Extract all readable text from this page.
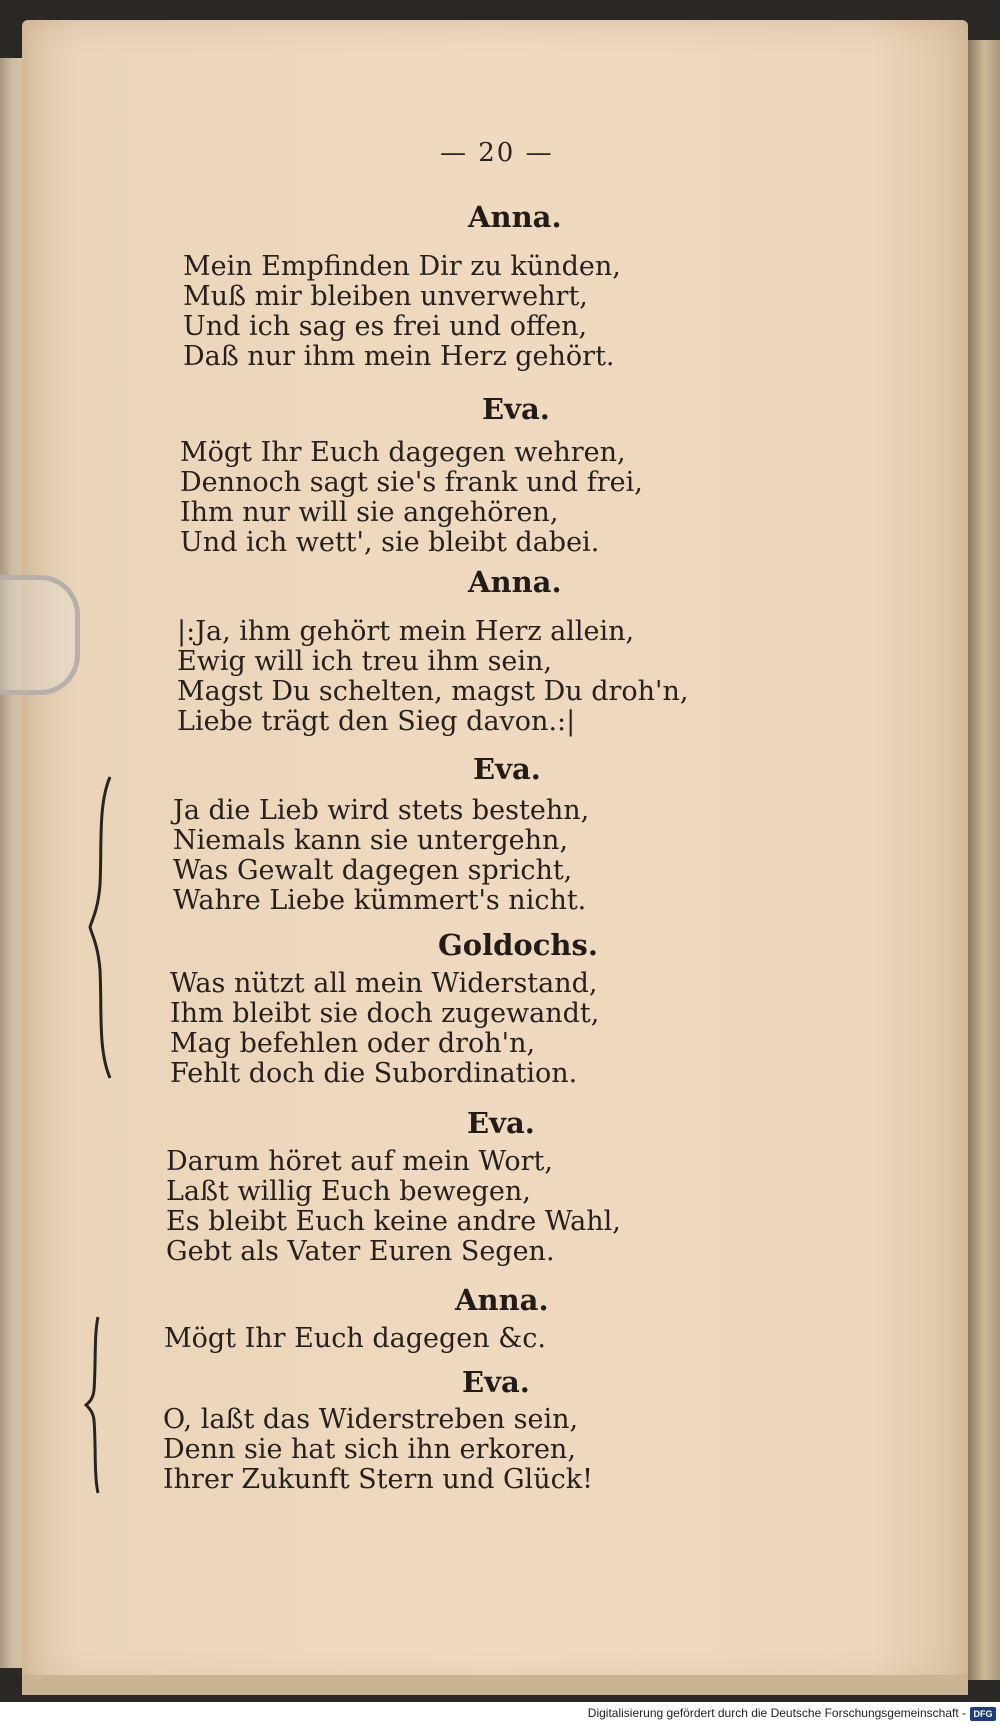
— 20 —
Anna.
Mein Empfinden Dir zu künden,
Muß mir bleiben unverwehrt,
Und ich sag es frei und offen,
Daß nur ihm mein Herz gehört.
Eva.
Mögt Ihr Euch dagegen wehren,
Dennoch sagt sie's frank und frei,
Ihm nur will sie angehören,
Und ich wett', sie bleibt dabei.
Anna.
|:Ja, ihm gehört mein Herz allein,
Ewig will ich treu ihm sein,
Magst Du schelten, magst Du droh'n,
Liebe trägt den Sieg davon.:|
Eva.
Ja die Lieb wird stets bestehn,
Niemals kann sie untergehn,
Was Gewalt dagegen spricht,
Wahre Liebe kümmert's nicht.
Goldochs.
Was nützt all mein Widerstand,
Ihm bleibt sie doch zugewandt,
Mag befehlen oder droh'n,
Fehlt doch die Subordination.
Eva.
Darum höret auf mein Wort,
Laßt willig Euch bewegen,
Es bleibt Euch keine andre Wahl,
Gebt als Vater Euren Segen.
Anna.
Mögt Ihr Euch dagegen &c.
Eva.
O, laßt das Widerstreben sein,
Denn sie hat sich ihn erkoren,
Ihrer Zukunft Stern und Glück!
Digitalisierung gefördert durch die Deutsche Forschungsgemeinschaft - DFG
